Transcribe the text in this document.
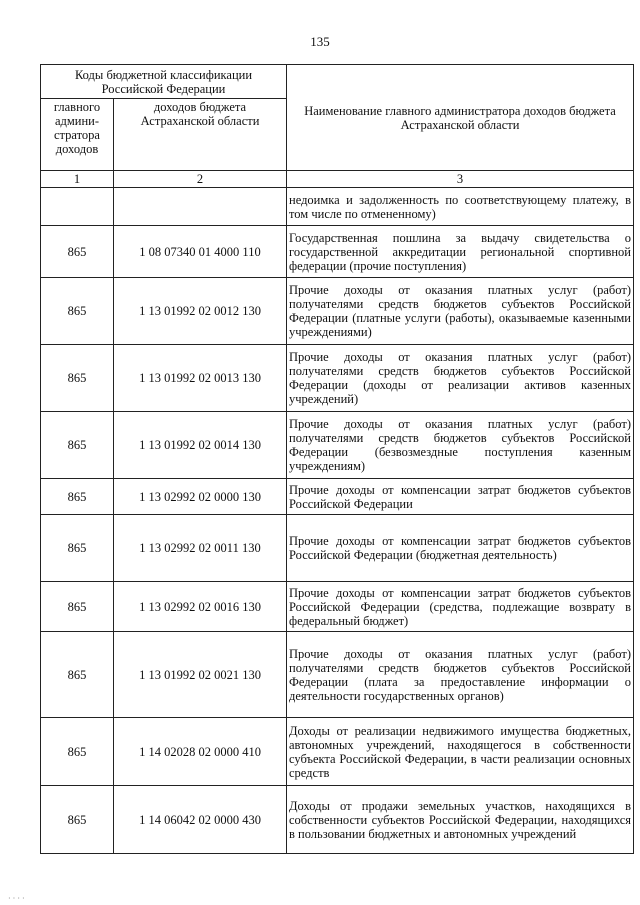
135
Коды бюджетной классификации Российской Федерации		Наименование главного администратора доходов бюджета Астраханской области
главного админи-стратора доходов	доходов бюджета Астраханской области	
1	2	3
		недоимка и задолженность по соответствующему платежу, в том числе по отмененному)
865	1 08 07340 01 4000 110	Государственная пошлина за выдачу свидетельства о государственной аккредитации региональной спортивной федерации (прочие поступления)
865	1 13 01992 02 0012 130	Прочие доходы от оказания платных услуг (работ) получателями средств бюджетов субъектов Российской Федерации (платные услуги (работы), оказываемые казенными учреждениями)
865	1 13 01992 02 0013 130	Прочие доходы от оказания платных услуг (работ) получателями средств бюджетов субъектов Российской Федерации (доходы от реализации активов казенных учреждений)
865	1 13 01992 02 0014 130	Прочие доходы от оказания платных услуг (работ) получателями средств бюджетов субъектов Российской Федерации (безвозмездные поступления казенным учреждениям)
865	1 13 02992 02 0000 130	Прочие доходы от компенсации затрат бюджетов субъектов Российской Федерации
865	1 13 02992 02 0011 130	Прочие доходы от компенсации затрат бюджетов субъектов Российской Федерации (бюджетная деятельность)
865	1 13 02992 02 0016 130	Прочие доходы от компенсации затрат бюджетов субъектов Российской Федерации (средства, подлежащие возврату в федеральный бюджет)
865	1 13 01992 02 0021 130	Прочие доходы от оказания платных услуг (работ) получателями средств бюджетов субъектов Российской Федерации (плата за предоставление информации о деятельности государственных органов)
865	1 14 02028 02 0000 410	Доходы от реализации недвижимого имущества бюджетных, автономных учреждений, находящегося в собственности субъекта Российской Федерации, в части реализации основных средств
865	1 14 06042 02 0000 430	Доходы от продажи земельных участков, находящихся в собственности субъектов Российской Федерации, находящихся в пользовании бюджетных и автономных учреждений
· · · ·
